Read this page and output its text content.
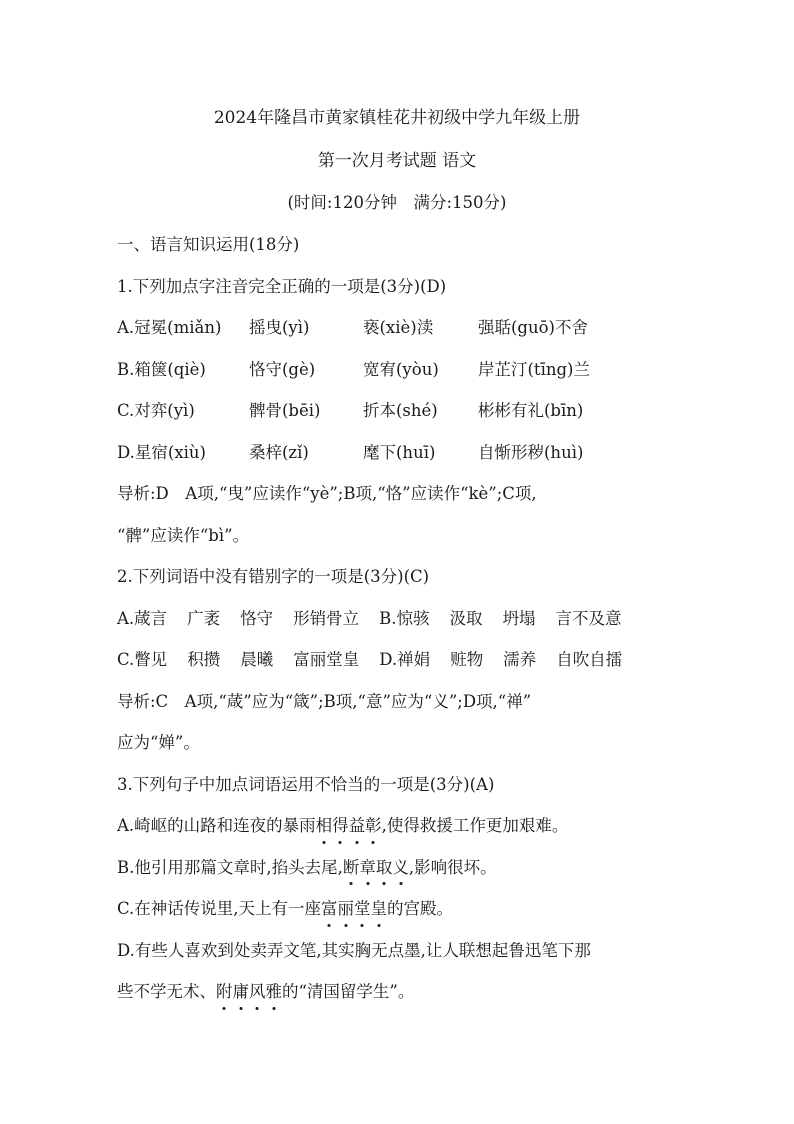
2024年隆昌市黄家镇桂花井初级中学九年级上册
第一次月考试题 语文
(时间:120分钟　满分:150分)
一、语言知识运用(18分)
1.下列加点字注音完全正确的一项是(3分)(D)
A.冠冕(miǎn) 摇曳(yì)	亵(xiè)渎	强聒(guō)不舍
B.箱箧(qiè)	恪守(gè)	宽宥(yòu) 岸芷汀(tīng)兰
C.对弈(yì)	髀骨(bēi)	折本(shé) 彬彬有礼(bīn)
D.星宿(xiù)	桑梓(zǐ)	麾下(huī)	自惭形秽(huì)
导析:D　A项,“曳”应读作“yè”;B项,“恪”应读作“kè”;C项,
“髀”应读作“bì”。
2.下列词语中没有错别字的一项是(3分)(C)
A.葴言 广袤 恪守 形销骨立 B.惊骇 汲取 坍塌 言不及意
C.瞥见 积攒 晨曦 富丽堂皇 D.禅娟 赃物 濡养 自吹自擂
导析:C　A项,“葴”应为“箴”;B项,“意”应为“义”;D项,“禅”
应为“婵”。
3.下列句子中加点词语运用不恰当的一项是(3分)(A)
A.崎岖的山路和连夜的暴雨相得益彰,使得救援工作更加艰难。
B.他引用那篇文章时,掐头去尾,断章取义,影响很坏。
C.在神话传说里,天上有一座富丽堂皇的宫殿。
D.有些人喜欢到处卖弄文笔,其实胸无点墨,让人联想起鲁迅笔下那
些不学无术、附庸风雅的“清国留学生”。
